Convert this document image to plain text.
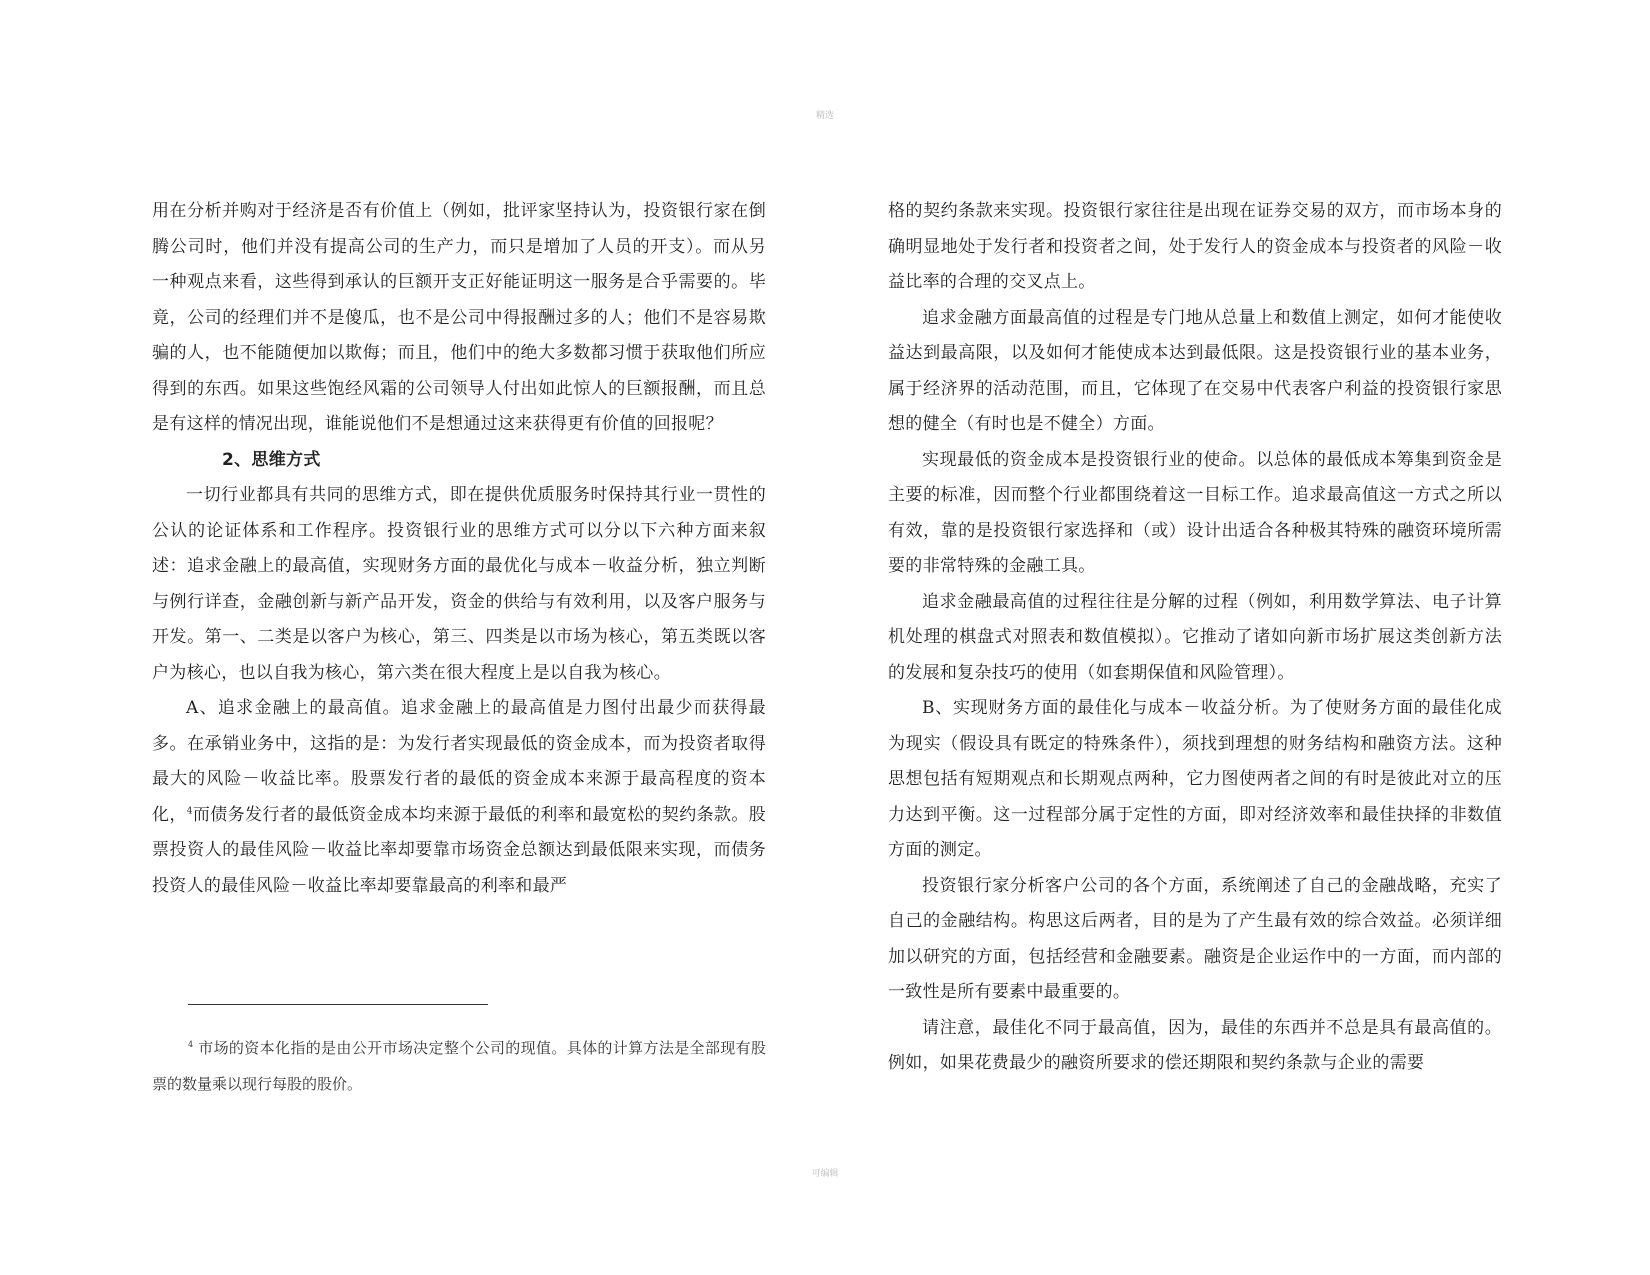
精选

用在分析并购对于经济是否有价值上（例如，批评家坚持认为，投资银行家在倒腾公司时，他们并没有提高公司的生产力，而只是增加了人员的开支）。而从另一种观点来看，这些得到承认的巨额开支正好能证明这一服务是合乎需要的。毕竟，公司的经理们并不是傻瓜，也不是公司中得报酬过多的人；他们不是容易欺骗的人，也不能随便加以欺侮；而且，他们中的绝大多数都习惯于获取他们所应得到的东西。如果这些饱经风霜的公司领导人付出如此惊人的巨额报酬，而且总是有这样的情况出现，谁能说他们不是想通过这来获得更有价值的回报呢？

2、思维方式

一切行业都具有共同的思维方式，即在提供优质服务时保持其行业一贯性的公认的论证体系和工作程序。投资银行业的思维方式可以分以下六种方面来叙述：追求金融上的最高值，实现财务方面的最优化与成本－收益分析，独立判断与例行详查，金融创新与新产品开发，资金的供给与有效利用，以及客户服务与开发。第一、二类是以客户为核心，第三、四类是以市场为核心，第五类既以客户为核心，也以自我为核心，第六类在很大程度上是以自我为核心。

A、追求金融上的最高值。追求金融上的最高值是力图付出最少而获得最多。在承销业务中，这指的是：为发行者实现最低的资金成本，而为投资者取得最大的风险－收益比率。股票发行者的最低的资金成本来源于最高程度的资本化，$^4$而债务发行者的最低资金成本均来源于最低的利率和最宽松的契约条款。股票投资人的最佳风险－收益比率却要靠市场资金总额达到最低限来实现，而债务投资人的最佳风险－收益比率却要靠最高的利率和最严

$^4$ 市场的资本化指的是由公开市场决定整个公司的现值。具体的计算方法是全部现有股票的数量乘以现行每股的股价。

格的契约条款来实现。投资银行家往往是出现在证券交易的双方，而市场本身的确明显地处于发行者和投资者之间，处于发行人的资金成本与投资者的风险－收益比率的合理的交叉点上。

追求金融方面最高值的过程是专门地从总量上和数值上测定，如何才能使收益达到最高限，以及如何才能使成本达到最低限。这是投资银行业的基本业务，属于经济界的活动范围，而且，它体现了在交易中代表客户利益的投资银行家思想的健全（有时也是不健全）方面。

实现最低的资金成本是投资银行业的使命。以总体的最低成本筹集到资金是主要的标准，因而整个行业都围绕着这一目标工作。追求最高值这一方式之所以有效，靠的是投资银行家选择和（或）设计出适合各种极其特殊的融资环境所需要的非常特殊的金融工具。

追求金融最高值的过程往往是分解的过程（例如，利用数学算法、电子计算机处理的棋盘式对照表和数值模拟）。它推动了诸如向新市场扩展这类创新方法的发展和复杂技巧的使用（如套期保值和风险管理）。

B、实现财务方面的最佳化与成本－收益分析。为了使财务方面的最佳化成为现实（假设具有既定的特殊条件），须找到理想的财务结构和融资方法。这种思想包括有短期观点和长期观点两种，它力图使两者之间的有时是彼此对立的压力达到平衡。这一过程部分属于定性的方面，即对经济效率和最佳抉择的非数值方面的测定。

投资银行家分析客户公司的各个方面，系统阐述了自己的金融战略，充实了自己的金融结构。构思这后两者，目的是为了产生最有效的综合效益。必须详细加以研究的方面，包括经营和金融要素。融资是企业运作中的一方面，而内部的一致性是所有要素中最重要的。

请注意，最佳化不同于最高值，因为，最佳的东西并不总是具有最高值的。例如，如果花费最少的融资所要求的偿还期限和契约条款与企业的需要

可编辑
